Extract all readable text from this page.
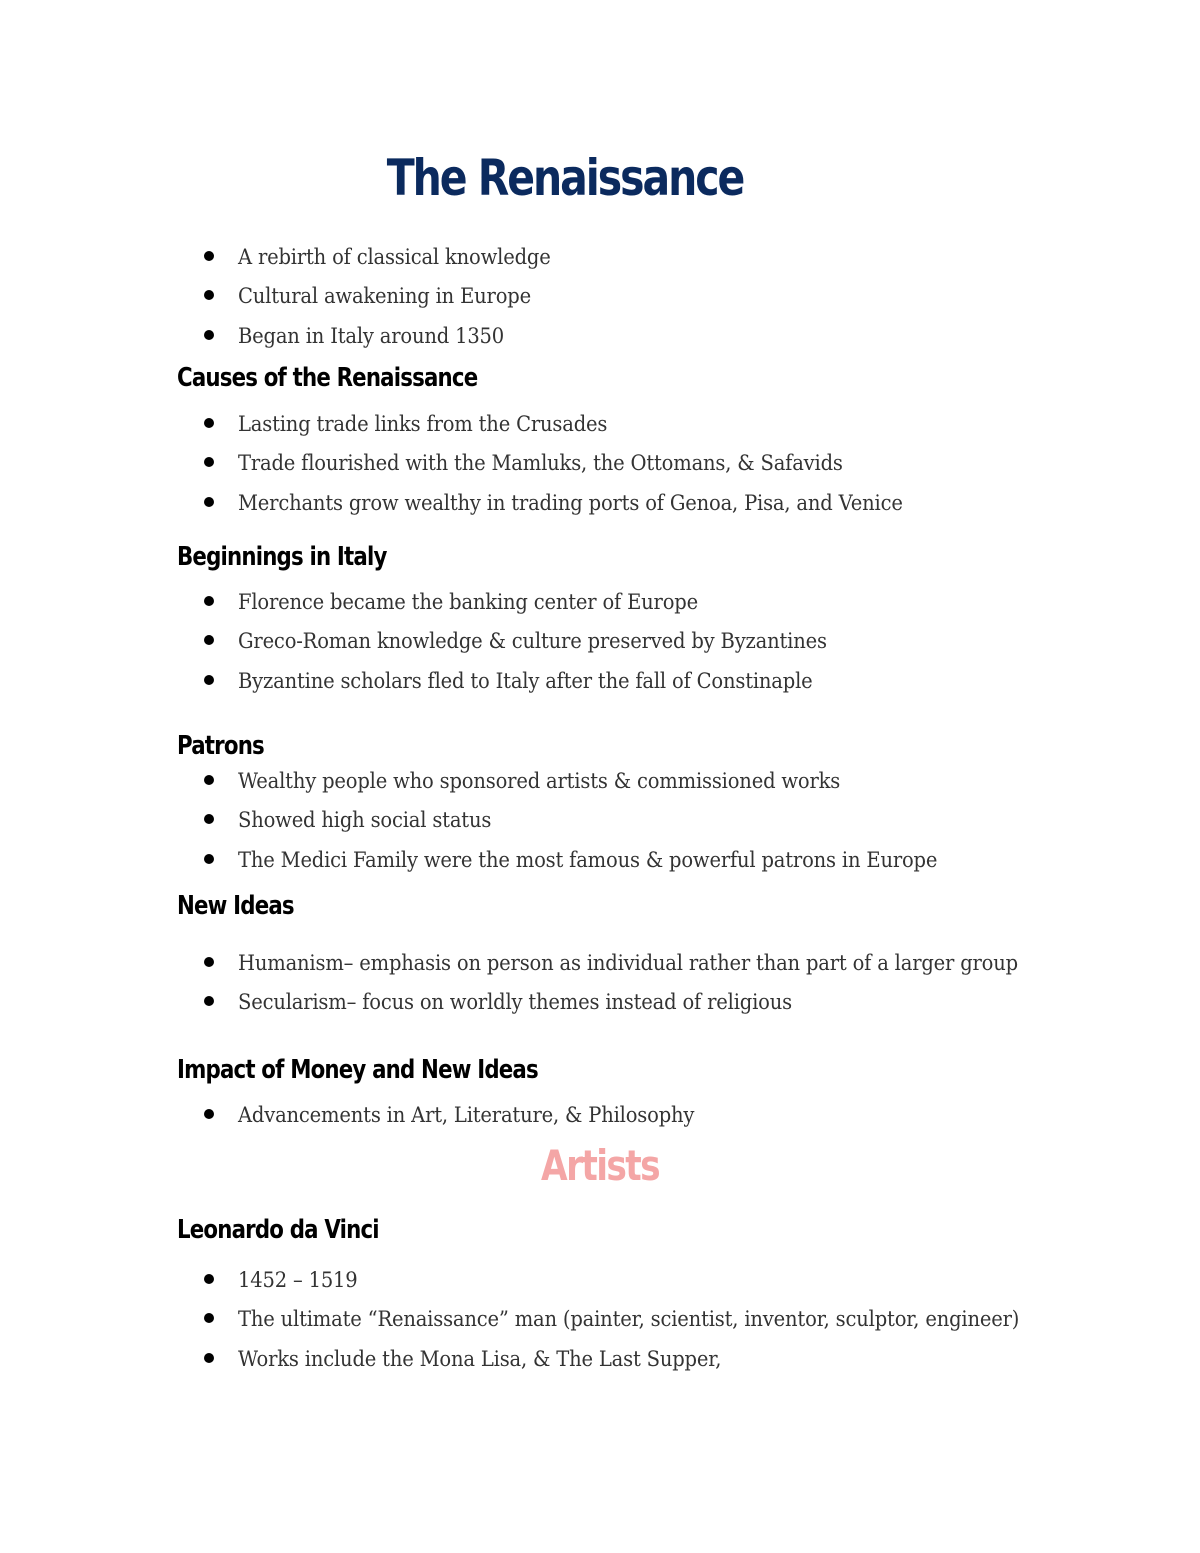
The Renaissance
A rebirth of classical knowledge
Cultural awakening in Europe
Began in Italy around 1350
Causes of the Renaissance
Lasting trade links from the Crusades
Trade flourished with the Mamluks, the Ottomans, & Safavids
Merchants grow wealthy in trading ports of Genoa, Pisa, and Venice
Beginnings in Italy
Florence became the banking center of Europe
Greco-Roman knowledge & culture preserved by Byzantines
Byzantine scholars fled to Italy after the fall of Constinaple
Patrons
Wealthy people who sponsored artists & commissioned works
Showed high social status
The Medici Family were the most famous & powerful patrons in Europe
New Ideas
Humanism– emphasis on person as individual rather than part of a larger group
Secularism– focus on worldly themes instead of religious
Impact of Money and New Ideas
Advancements in Art, Literature, & Philosophy
Artists
Leonardo da Vinci
1452 – 1519
The ultimate “Renaissance” man (painter, scientist, inventor, sculptor, engineer)
Works include the Mona Lisa, & The Last Supper,
